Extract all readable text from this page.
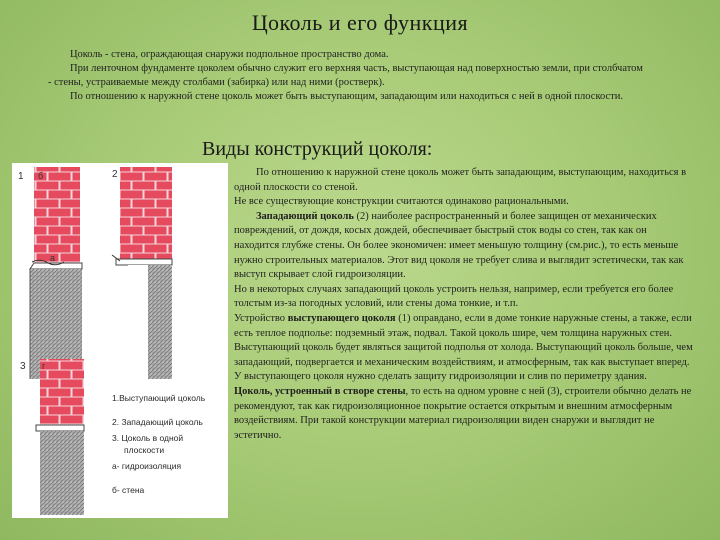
Цоколь и его функция

Цоколь - стена, ограждающая снаружи подпольное пространство дома.

При ленточном фундаменте цоколем обычно служит его верхняя часть, выступающая над поверхностью земли, при столбчатом - стены, устраиваемые между столбами (забирка) или над ними (ростверк).

По отношению к наружной стене цоколь может быть выступающим, западающим или находиться с ней в одной плоскости.

Виды конструкций цоколя:
1 б
а
2
3 г
1.Выступающий цоколь
2. Западающий цоколь
3. Цоколь в одной
плоскости
а- гидроизоляция
б- стена

По отношению к наружной стене цоколь может быть западающим, выступающим, находиться в одной плоскости со стеной.

Не все существующие конструкции считаются одинаково рациональными.

Западающий цоколь (2) наиболее распространенный и более защищен от механических повреждений, от дождя, косых дождей, обеспечивает быстрый сток воды со стен, так как он находится глубже стены. Он более экономичен: имеет меньшую толщину (см.рис.), то есть меньше нужно строительных материалов. Этот вид цоколя не требует слива и выглядит эстетически, так как выступ скрывает слой гидроизоляции.

Но в некоторых случаях западающий цоколь устроить нельзя, например, если требуется его более толстым из-за погодных условий, или стены дома тонкие, и т.п.

Устройство выступающего цоколя (1) оправдано, если в доме тонкие наружные стены, а также, если есть теплое подполье: подземный этаж, подвал. Такой цоколь шире, чем толщина наружных стен. Выступающий цоколь будет являться защитой подполья от холода. Выступающий цоколь больше, чем западающий, подвергается и механическим воздействиям, и атмосферным, так как выступает вперед. У выступающего цоколя нужно сделать защиту гидроизоляции и слив по периметру здания.

Цоколь, устроенный в створе стены, то есть на одном уровне с ней (3), строители обычно делать не рекомендуют, так как гидроизоляционное покрытие остается открытым и внешним атмосферным воздействиям. При такой конструкции материал гидроизоляции виден снаружи и выглядит не эстетично.
